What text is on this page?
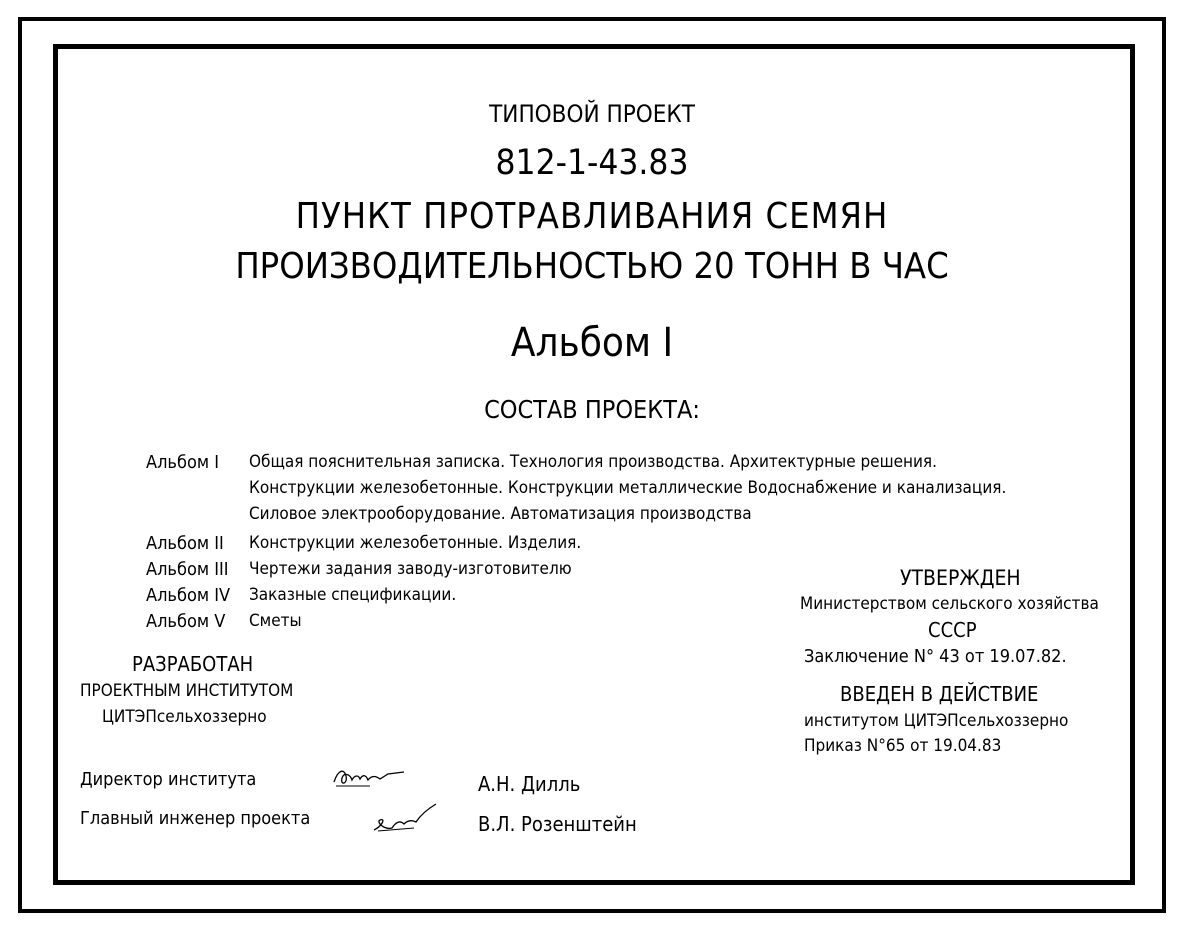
ТИПОВОЙ ПРОЕКТ
812-1-43.83
ПУНКТ ПРОТРАВЛИВАНИЯ СЕМЯН
ПРОИЗВОДИТЕЛЬНОСТЬЮ 20 ТОНН В ЧАС
Альбом I
СОСТАВ ПРОЕКТА:
Альбом I Общая пояснительная записка. Технология производства. Архитектурные решения.
Конструкции железобетонные. Конструкции металлические Водоснабжение и канализация.
Силовое электрооборудование. Автоматизация производства
Альбом II Конструкции железобетонные. Изделия.
Альбом III Чертежи задания заводу-изготовителю
Альбом IV Заказные спецификации.
Альбом V Сметы
РАЗРАБОТАН
ПРОЕКТНЫМ ИНСТИТУТОМ
ЦИТЭПсельхоззерно
УТВЕРЖДЕН
Министерством сельского хозяйства
СССР
Заключение N° 43 от 19.07.82.
ВВЕДЕН В ДЕЙСТВИЕ
институтом ЦИТЭПсельхоззерно
Приказ N°65 от 19.04.83
Директор института	А.Н. Дилль
Главный инженер проекта	В.Л. Розенштейн
